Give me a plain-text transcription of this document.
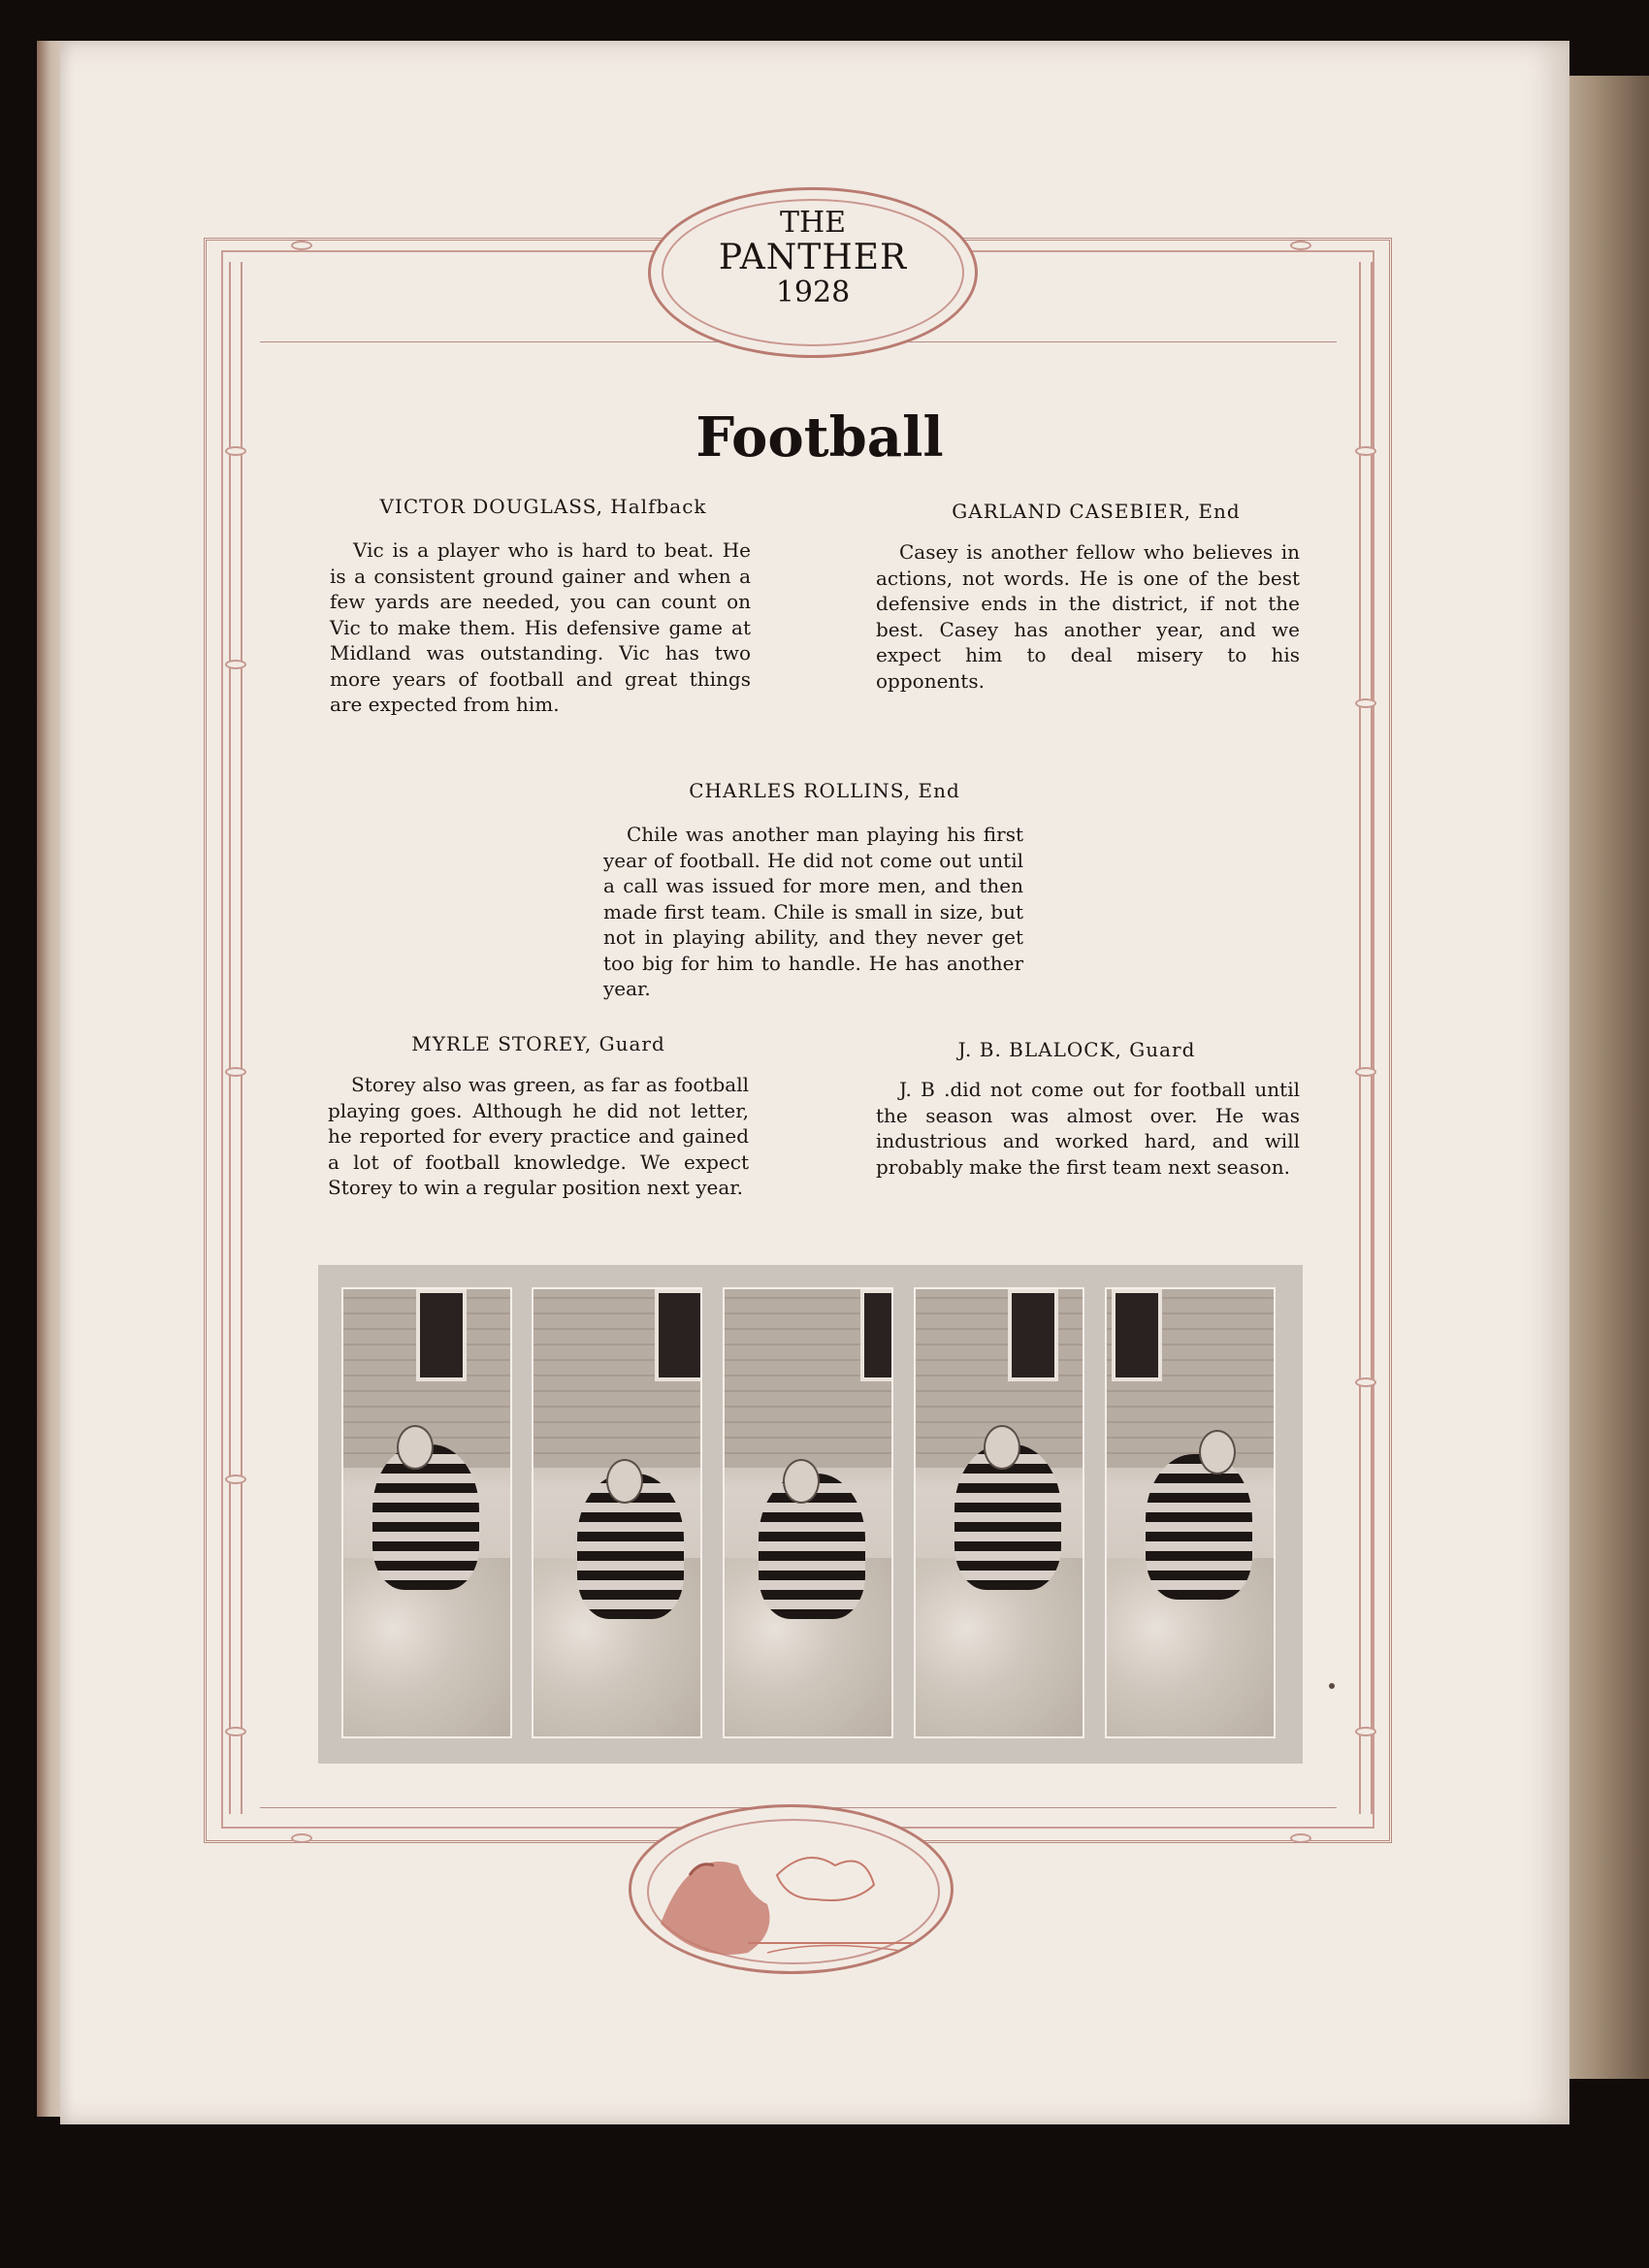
THE
PANTHER
1928
Football
VICTOR DOUGLASS, Halfback
Vic is a player who is hard to beat. He is a consistent ground gainer and when a few yards are needed, you can count on Vic to make them. His defensive game at Midland was outstanding. Vic has two more years of football and great things are expected from him.
GARLAND CASEBIER, End
Casey is another fellow who believes in actions, not words. He is one of the best defensive ends in the district, if not the best. Casey has another year, and we expect him to deal misery to his opponents.
CHARLES ROLLINS, End
Chile was another man playing his first year of football. He did not come out until a call was issued for more men, and then made first team. Chile is small in size, but not in playing ability, and they never get too big for him to handle. He has another year.
MYRLE STOREY, Guard
Storey also was green, as far as football playing goes. Although he did not letter, he reported for every practice and gained a lot of football knowledge. We expect Storey to win a regular position next year.
J. B. BLALOCK, Guard
J. B .did not come out for football until the season was almost over. He was industrious and worked hard, and will probably make the first team next season.
